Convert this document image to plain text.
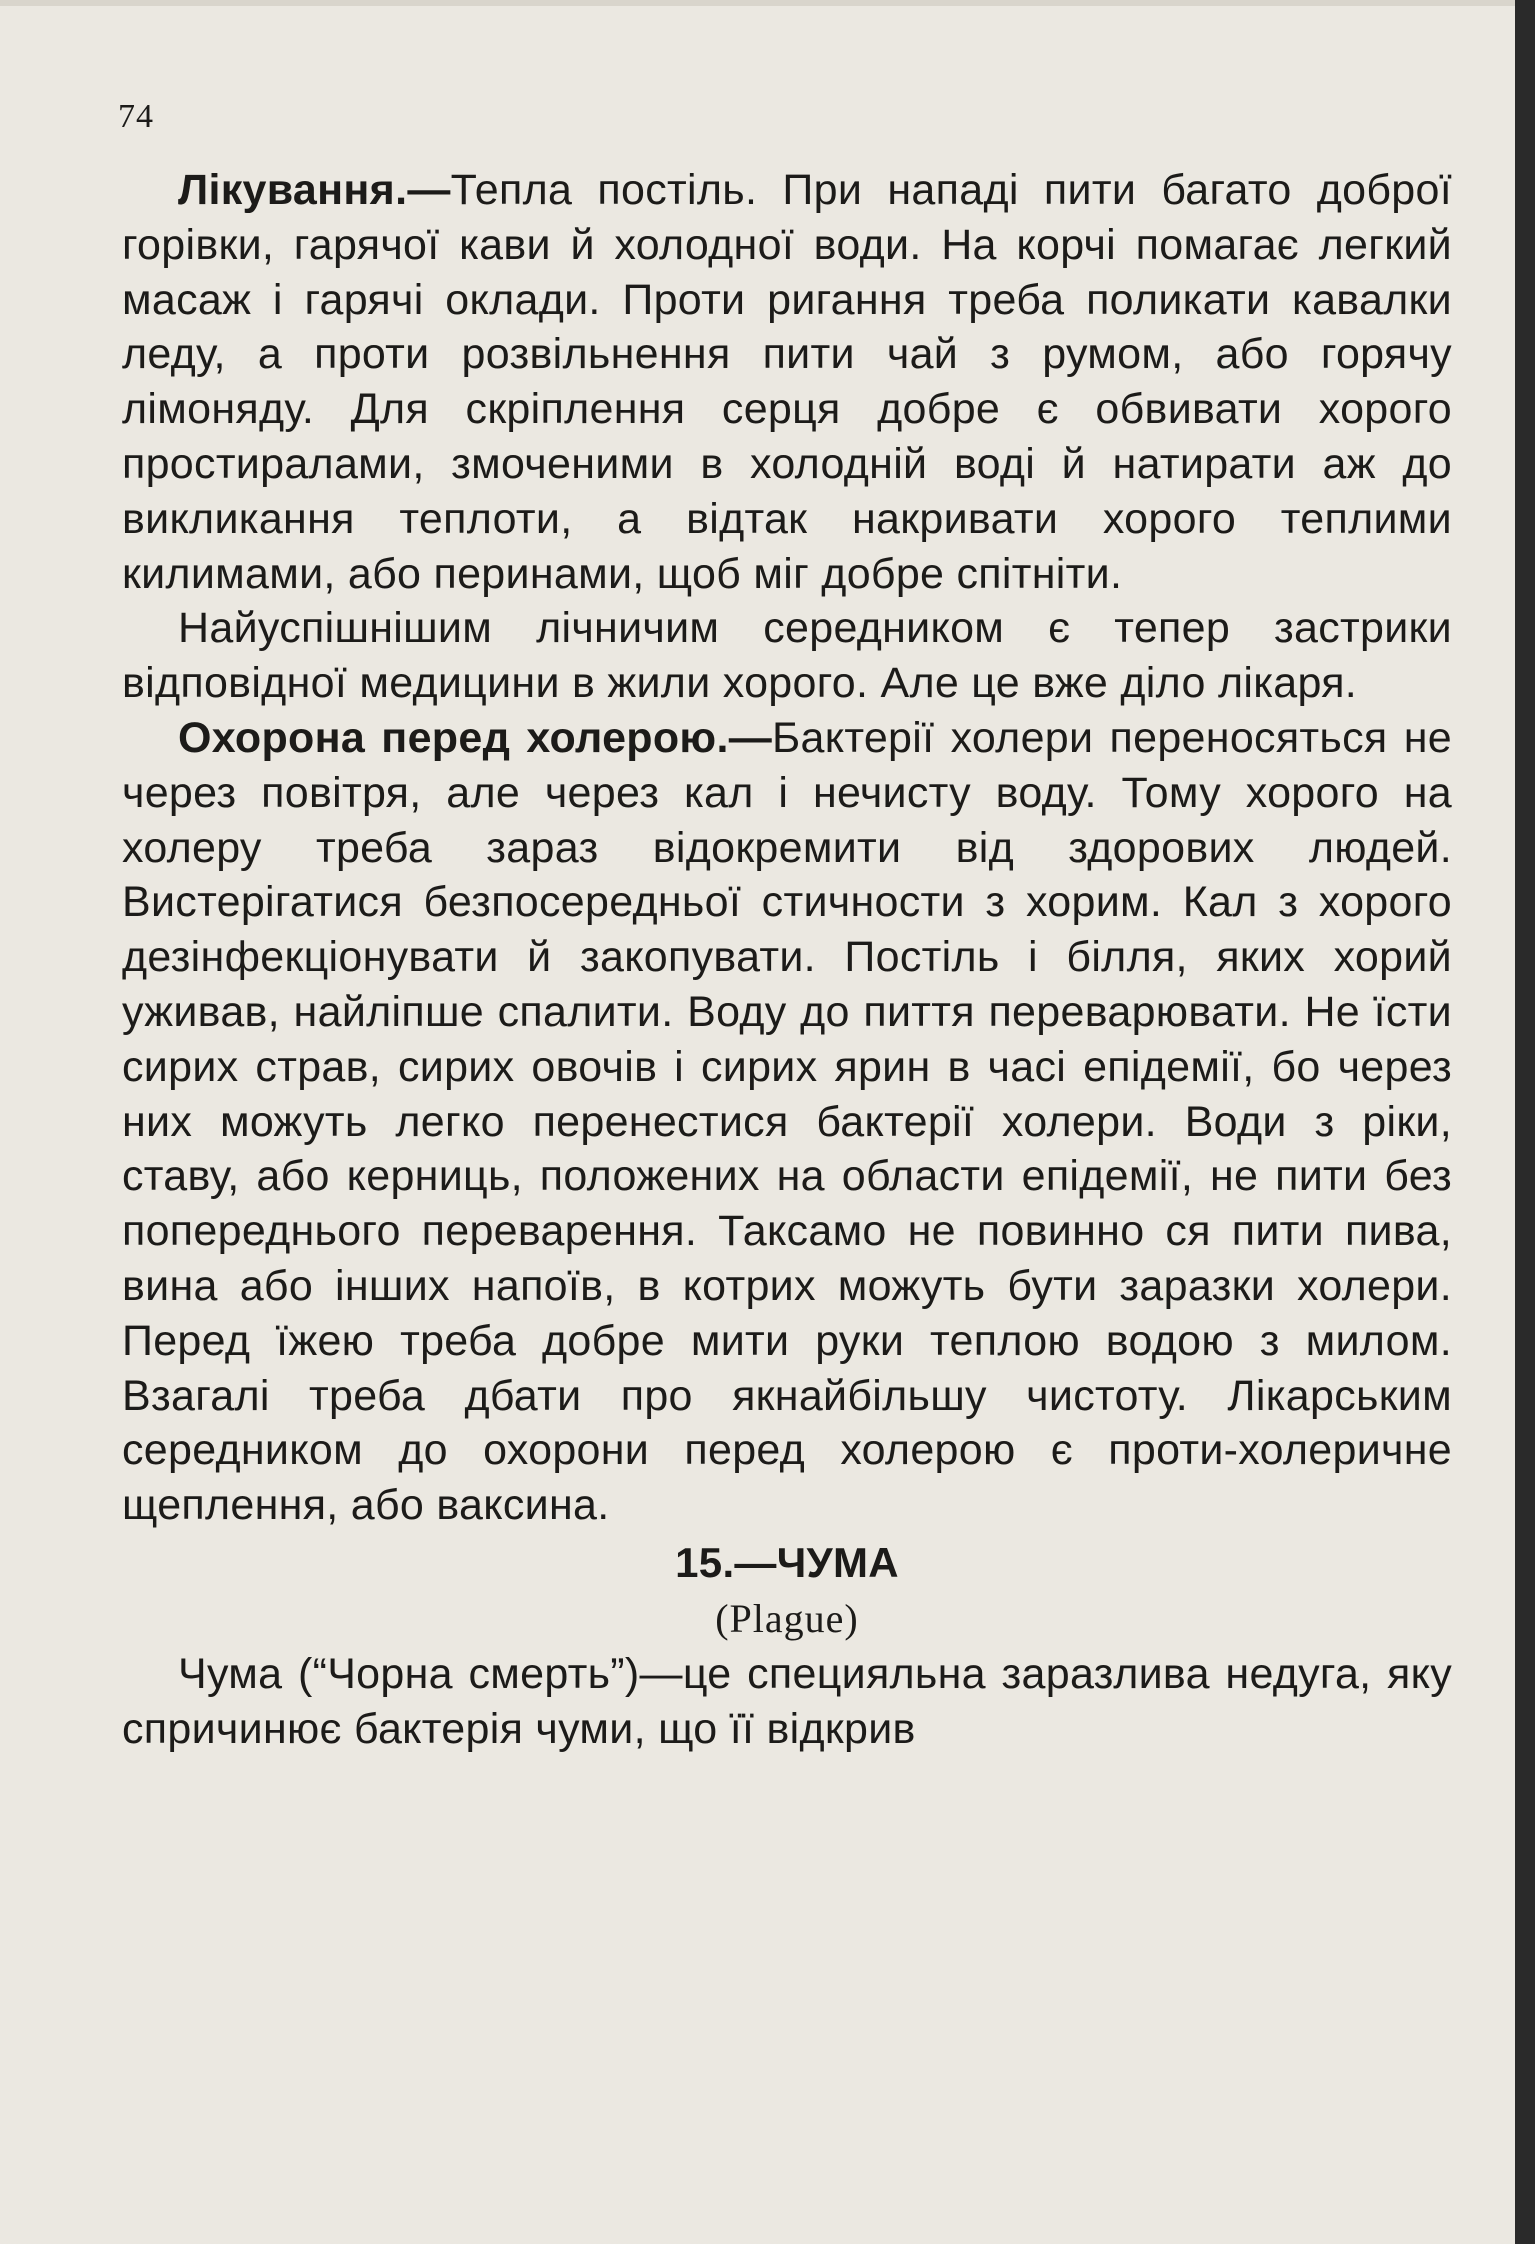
74

Лікування.—Тепла постіль. При нападі пити багато доброї горівки, гарячої кави й холодної води. На корчі помагає легкий масаж і гарячі оклади. Проти ригання треба поликати кавалки леду, а проти розвільнення пити чай з румом, або горячу лімоняду. Для скріплення серця добре є обвивати хорого простиралами, змоченими в холодній воді й натирати аж до викликання теплоти, а відтак накривати хорого теплими килимами, або перинами, щоб міг добре спітніти.

Найуспішнішим лічничим середником є тепер застрики відповідної медицини в жили хорого. Але це вже діло лікаря.

Охорона перед холерою.—Бактерії холери переносяться не через повітря, але через кал і нечисту воду. Тому хорого на холеру треба зараз відокремити від здорових людей. Вистерігатися безпосередньої стичности з хорим. Кал з хорого дезінфекціонувати й закопувати. Постіль і білля, яких хорий уживав, найліпше спалити. Воду до пиття переварювати. Не їсти сирих страв, сирих овочів і сирих ярин в часі епідемії, бо через них можуть легко перенестися бактерії холери. Води з ріки, ставу, або керниць, положених на области епідемії, не пити без попереднього переварення. Таксамо не повинно ся пити пива, вина або інших напоїв, в котрих можуть бути заразки холери. Перед їжею треба добре мити руки теплою водою з милом. Взагалі треба дбати про якнайбільшу чистоту. Лікарським середником до охорони перед холерою є проти-холеричне щеплення, або ваксина.

15.—ЧУМА

(Plague)

Чума (“Чорна смерть”)—це специяльна заразлива недуга, яку спричинює бактерія чуми, що її відкрив
